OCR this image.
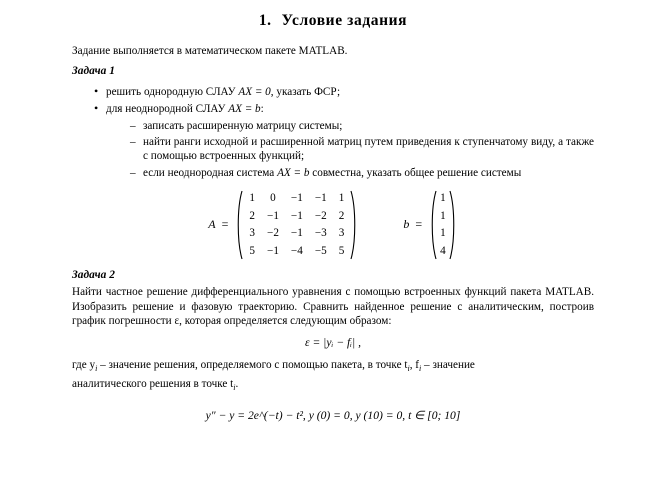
1. Условие задания

Задание выполняется в математическом пакете MATLAB.

Задача 1

• решить однородную СЛАУ AX = 0, указать ФСР;
• для неоднородной СЛАУ AX = b:
– записать расширенную матрицу системы;
– найти ранги исходной и расширенной матриц путем приведения к ступенчатому виду, а также с помощью встроенных функций;
– если неоднородная система AX = b совместна, указать общее решение системы
A =
1	0	−1	−1	1
2	−1	−1	−2	2
3	−2	−1	−3	3
5	−1	−4	−5	5
b =
1
1
1
4

Задача 2

Найти частное решение дифференциального уравнения с помощью встроенных функций пакета MATLAB. Изобразить решение и фазовую траекторию. Сравнить найденное решение с аналитическим, построив график погрешности ε, которая определяется следующим образом:

ε = |yᵢ − fᵢ| ,

где $y_i$ – значение решения, определяемого с помощью пакета, в точке $t_i$, $f_i$ – значение

аналитического решения в точке $t_i$.

y″ − y = 2e^(−t) − t², y (0) = 0, y (10) = 0, t ∈ [0; 10]
